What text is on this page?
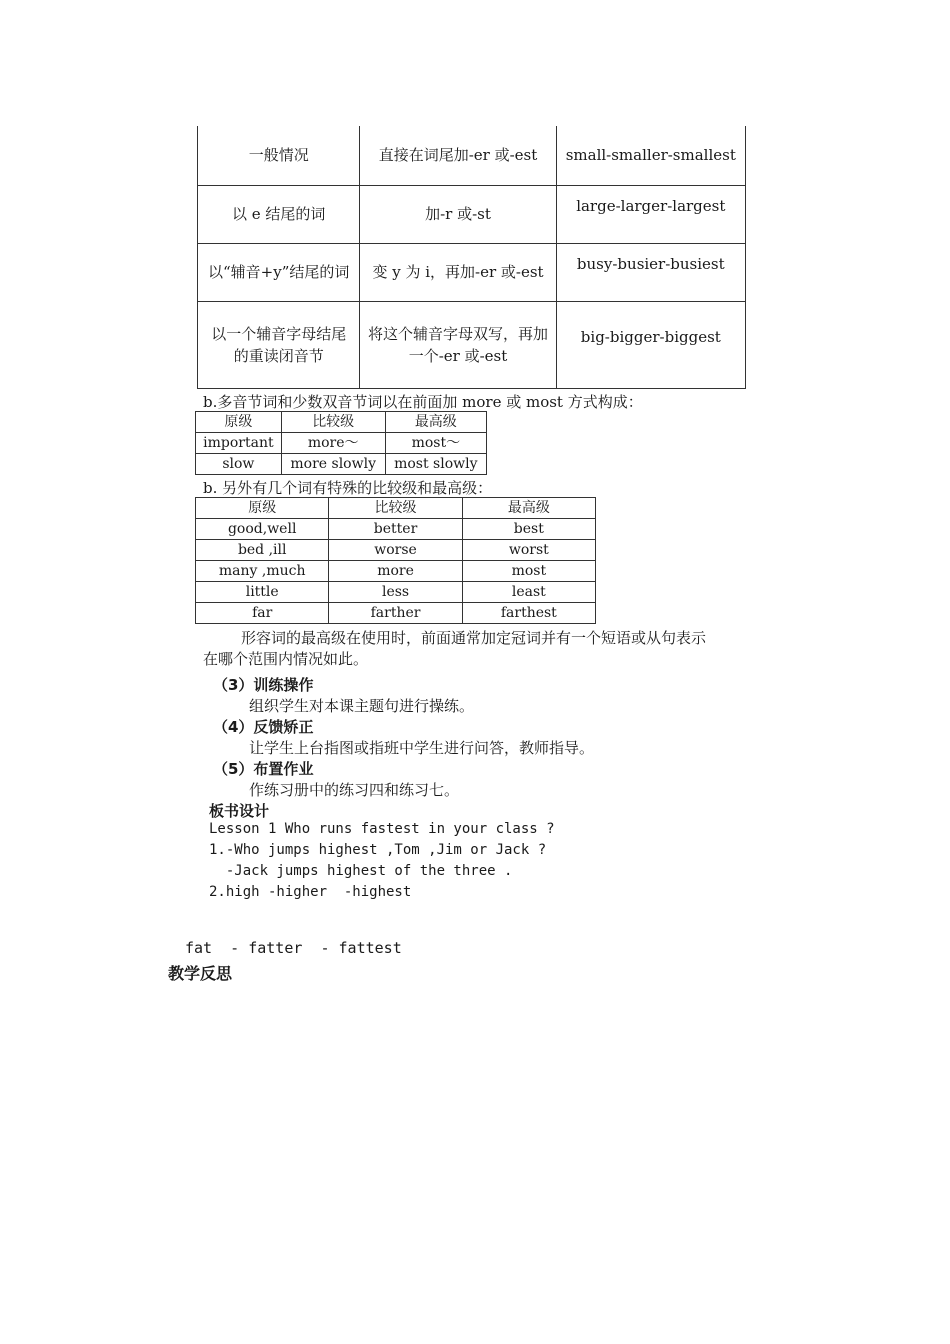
一般情况	直接在词尾加-er 或-est	small-smaller-smallest
以 e 结尾的词	加-r 或-st	large-larger-largest
以“辅音+y”结尾的词	变 y 为 i，再加-er 或-est	busy-busier-busiest
以一个辅音字母结尾的重读闭音节	将这个辅音字母双写，再加一个-er 或-est	big-bigger-biggest
b.多音节词和少数双音节词以在前面加 more 或 most 方式构成：
原级	比较级	最高级
important	more～	most～
slow	more slowly	most slowly
b. 另外有几个词有特殊的比较级和最高级：
原级	比较级	最高级
good,well	better	best
bed ,ill	worse	worst
many ,much	more	most
little	less	least
far	farther	farthest
形容词的最高级在使用时，前面通常加定冠词并有一个短语或从句表示
在哪个范围内情况如此。
（3）训练操作
组织学生对本课主题句进行操练。
（4）反馈矫正
让学生上台指图或指班中学生进行问答，教师指导。
（5）布置作业
作练习册中的练习四和练习七。
板书设计
Lesson 1 Who runs fastest in your class ?
1.-Who jumps highest ,Tom ,Jim or Jack ?
-Jack jumps highest of the three .
2.high -higher  -highest
fat  - fatter  - fattest
教学反思
